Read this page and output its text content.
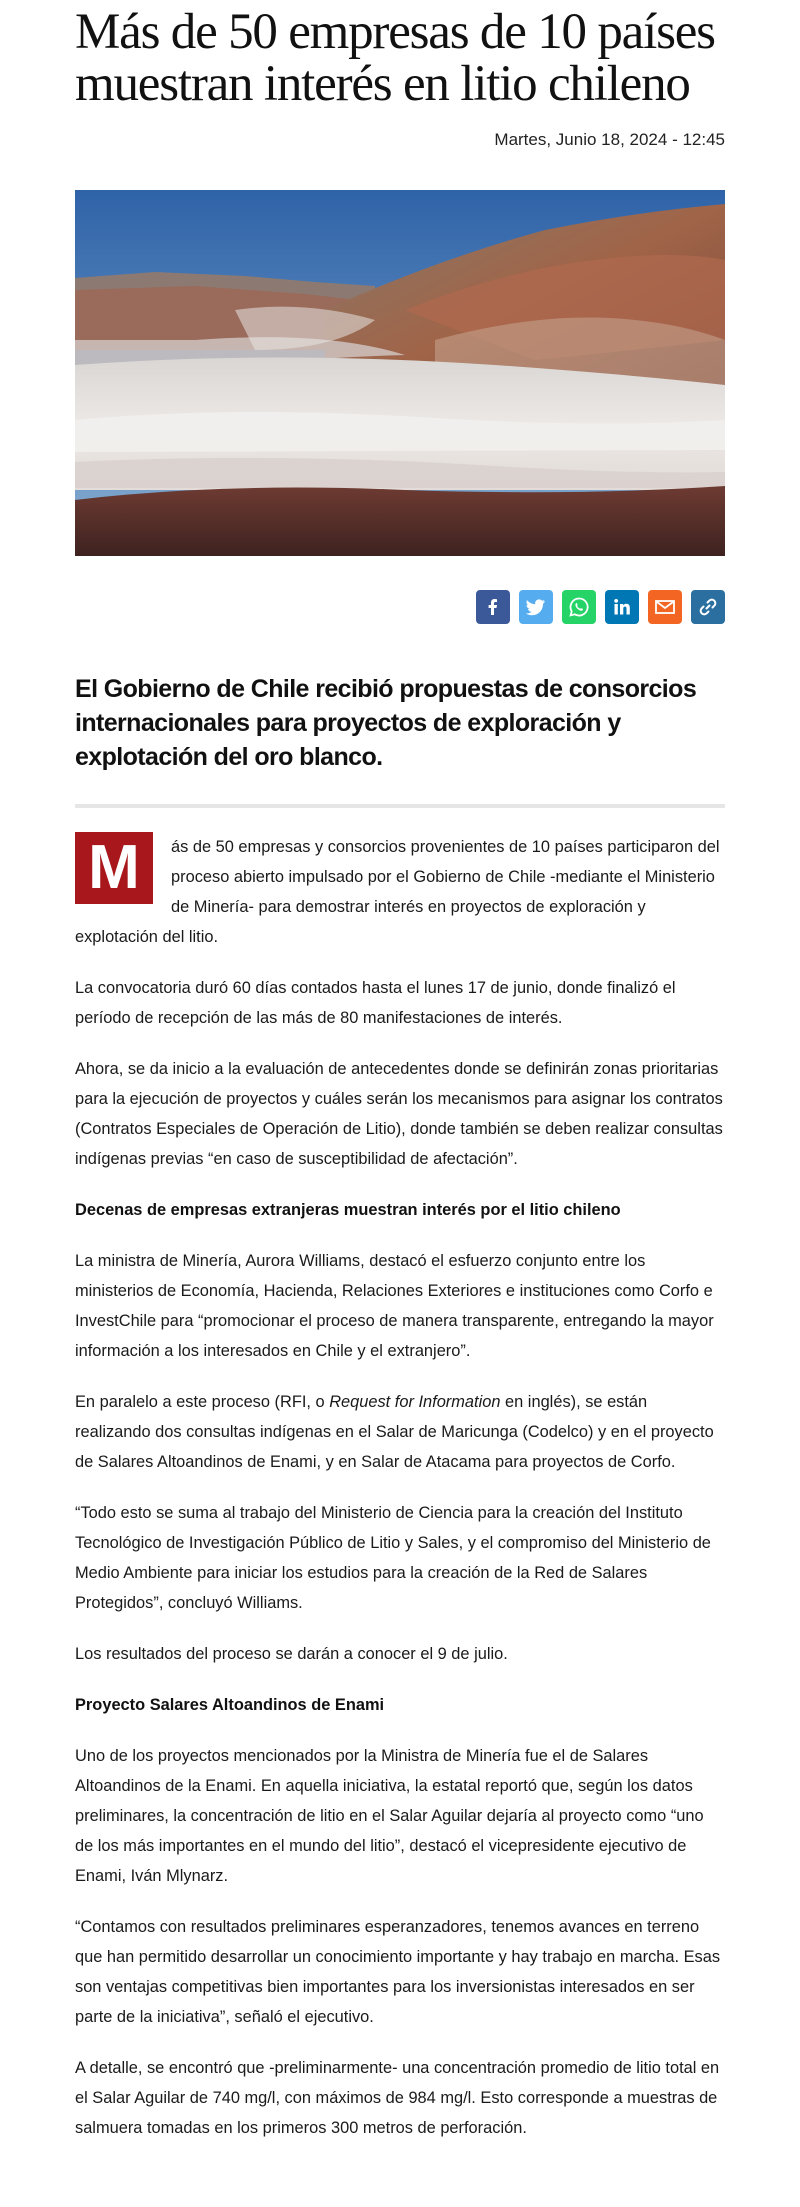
Más de 50 empresas de 10 países muestran interés en litio chileno
Martes, Junio 18, 2024 - 12:45
El Gobierno de Chile recibió propuestas de consorcios internacionales para proyectos de exploración y explotación del oro blanco.

M	ás de 50 empresas y consorcios provenientes de 10 países participaron del proceso abierto impulsado por el Gobierno de Chile -mediante el Ministerio de Minería- para demostrar interés en proyectos de exploración y explotación del litio.

La convocatoria duró 60 días contados hasta el lunes 17 de junio, donde finalizó el período de recepción de las más de 80 manifestaciones de interés.

Ahora, se da inicio a la evaluación de antecedentes donde se definirán zonas prioritarias para la ejecución de proyectos y cuáles serán los mecanismos para asignar los contratos (Contratos Especiales de Operación de Litio), donde también se deben realizar consultas indígenas previas “en caso de susceptibilidad de afectación”.

Decenas de empresas extranjeras muestran interés por el litio chileno

La ministra de Minería, Aurora Williams, destacó el esfuerzo conjunto entre los ministerios de Economía, Hacienda, Relaciones Exteriores e instituciones como Corfo e InvestChile para “promocionar el proceso de manera transparente, entregando la mayor información a los interesados en Chile y el extranjero”.

En paralelo a este proceso (RFI, o Request for Information en inglés), se están realizando dos consultas indígenas en el Salar de Maricunga (Codelco) y en el proyecto de Salares Altoandinos de Enami, y en Salar de Atacama para proyectos de Corfo.

“Todo esto se suma al trabajo del Ministerio de Ciencia para la creación del Instituto Tecnológico de Investigación Público de Litio y Sales, y el compromiso del Ministerio de Medio Ambiente para iniciar los estudios para la creación de la Red de Salares Protegidos”, concluyó Williams.

Los resultados del proceso se darán a conocer el 9 de julio.

Proyecto Salares Altoandinos de Enami

Uno de los proyectos mencionados por la Ministra de Minería fue el de Salares Altoandinos de la Enami. En aquella iniciativa, la estatal reportó que, según los datos preliminares, la concentración de litio en el Salar Aguilar dejaría al proyecto como “uno de los más importantes en el mundo del litio”, destacó el vicepresidente ejecutivo de Enami, Iván Mlynarz.

“Contamos con resultados preliminares esperanzadores, tenemos avances en terreno que han permitido desarrollar un conocimiento importante y hay trabajo en marcha. Esas son ventajas competitivas bien importantes para los inversionistas interesados en ser parte de la iniciativa”, señaló el ejecutivo.

A detalle, se encontró que -preliminarmente- una concentración promedio de litio total en el Salar Aguilar de 740 mg/l, con máximos de 984 mg/l. Esto corresponde a muestras de salmuera tomadas en los primeros 300 metros de perforación.
